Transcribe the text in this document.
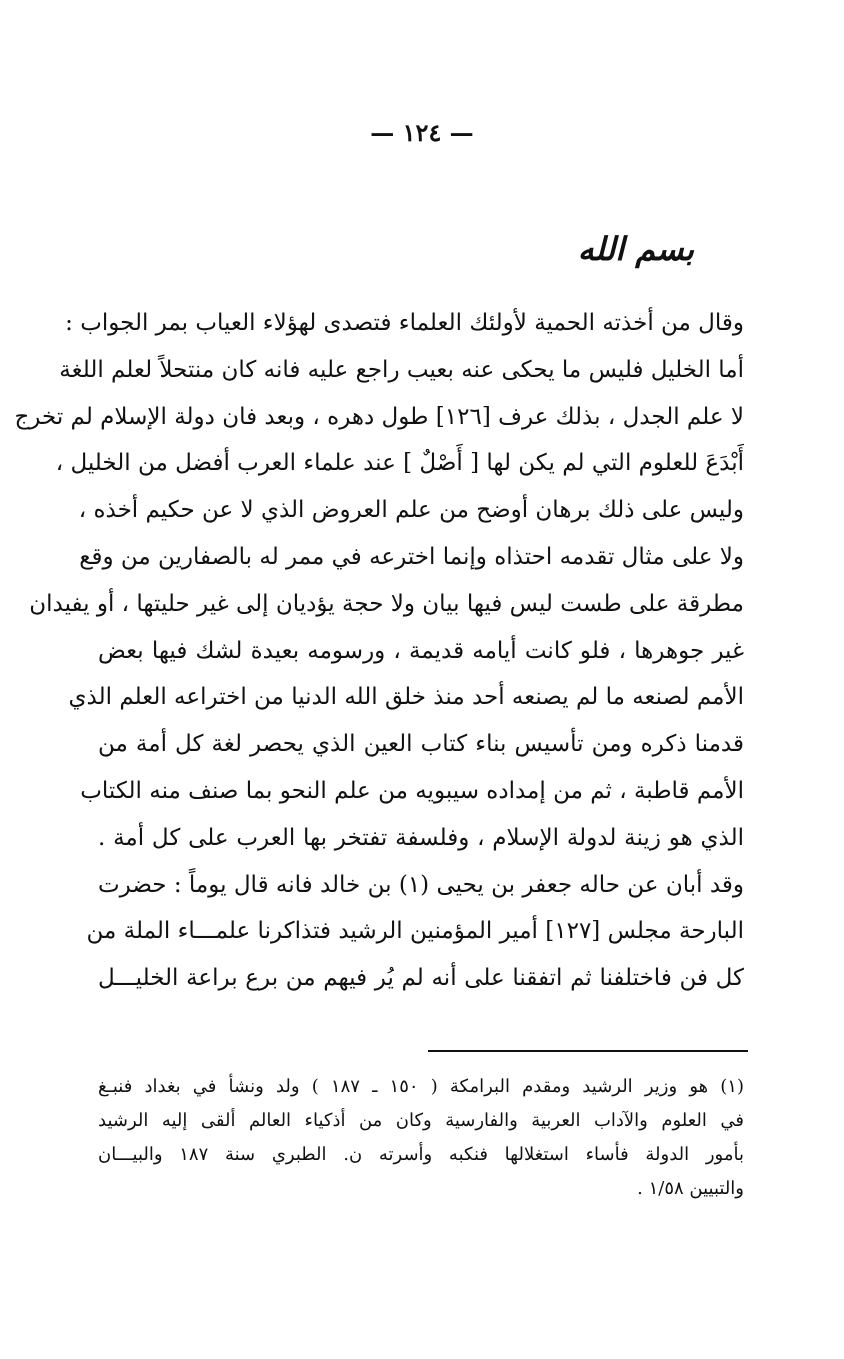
— ١٢٤ —
بسم الله
وقال من أخذته الحمية لأولئك العلماء فتصدى لهؤلاء العياب بمر الجواب :
أما الخليل فليس ما يحكى عنه بعيب راجع عليه فانه كان منتحلاً لعلم اللغة
لا علم الجدل ، بذلك عرف [١٢٦] طول دهره ، وبعد فان دولة الإسلام لم تخرج
أَبْدَعَ للعلوم التي لم يكن لها [ أَصْلٌ ] عند علماء العرب أفضل من الخليل ،
وليس على ذلك برهان أوضح من علم العروض الذي لا عن حكيم أخذه ،
ولا على مثال تقدمه احتذاه وإنما اخترعه في ممر له بالصفارين من وقع
مطرقة على طست ليس فيها بيان ولا حجة يؤديان إلى غير حليتها ، أو يفيدان
غير جوهرها ، فلو كانت أيامه قديمة ، ورسومه بعيدة لشك فيها بعض
الأمم لصنعه ما لم يصنعه أحد منذ خلق الله الدنيا من اختراعه العلم الذي
قدمنا ذكره ومن تأسيس بناء كتاب العين الذي يحصر لغة كل أمة من
الأمم قاطبة ، ثم من إمداده سيبويه من علم النحو بما صنف منه الكتاب
الذي هو زينة لدولة الإسلام ، وفلسفة تفتخر بها العرب على كل أمة .
وقد أبان عن حاله جعفر بن يحيى (١) بن خالد فانه قال يوماً : حضرت
البارحة مجلس [١٢٧] أمير المؤمنين الرشيد فتذاكرنا علمـــاء الملة من
كل فن فاختلفنا ثم اتفقنا على أنه لم يُر فيهم من برع براعة الخليـــل
(١) هو وزير الرشيد ومقدم البرامكة ( ١٥٠ ـ ١٨٧ ) ولد ونشأ في بغداد فنبـغ
في العلوم والآداب العربية والفارسية وكان من أذكياء العالم ألقى إليه الرشيد
بأمور الدولة فأساء استغلالها فنكبه وأسرته ن. الطبري سنة ١٨٧ والبيـــان
والتبيين ١/٥٨ .
